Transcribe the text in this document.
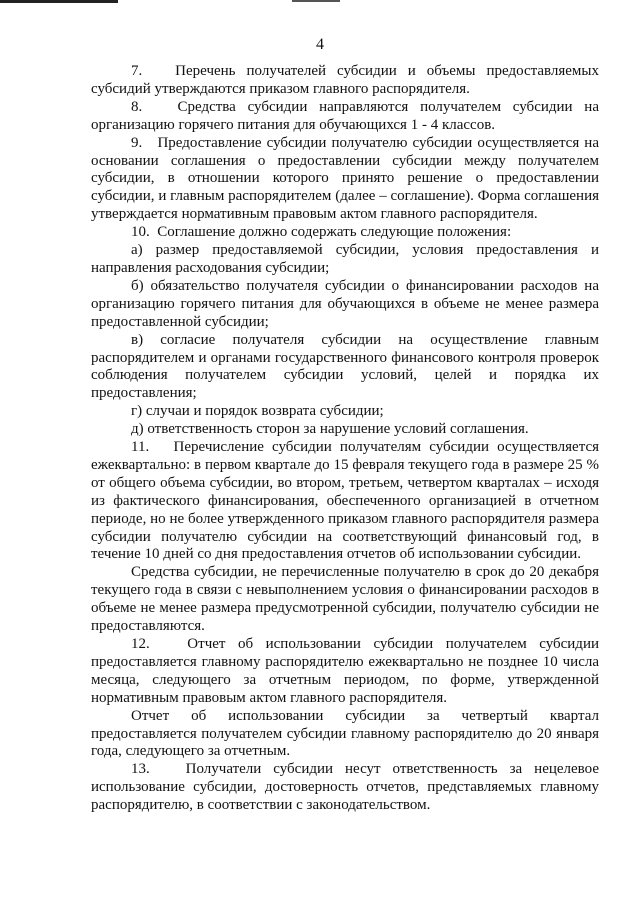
4

7.   Перечень получателей субсидии и объемы предоставляемых субсидий утверждаются приказом главного распорядителя.

8.   Средства субсидии направляются получателем субсидии на организацию горячего питания для обучающихся 1 - 4 классов.

9.   Предоставление субсидии получателю субсидии осуществляется на основании соглашения о предоставлении субсидии между получателем субсидии, в отношении которого принято решение о предоставлении субсидии, и главным распорядителем (далее – соглашение). Форма соглашения утверждается нормативным правовым актом главного распорядителя.

10.  Соглашение должно содержать следующие положения:

а) размер предоставляемой субсидии, условия предоставления и направления расходования субсидии;

б) обязательство получателя субсидии о финансировании расходов на организацию горячего питания для обучающихся в объеме не менее размера предоставленной субсидии;

в) согласие получателя субсидии на осуществление главным распорядителем и органами государственного финансового контроля проверок соблюдения получателем субсидии условий, целей и порядка их предоставления;

г) случаи и порядок возврата субсидии;

д) ответственность сторон за нарушение условий соглашения.

11.   Перечисление субсидии получателям субсидии осуществляется ежеквартально: в первом квартале до 15 февраля текущего года в размере 25 % от общего объема субсидии, во втором, третьем, четвертом кварталах – исходя из фактического финансирования, обеспеченного организацией в отчетном периоде, но не более утвержденного приказом главного распорядителя размера субсидии получателю субсидии на соответствующий финансовый год, в течение 10 дней со дня предоставления отчетов об использовании субсидии.

Средства субсидии, не перечисленные получателю в срок до 20 декабря текущего года в связи с невыполнением условия о финансировании расходов в объеме не менее размера предусмотренной субсидии, получателю субсидии не предоставляются.

12.   Отчет об использовании субсидии получателем субсидии предоставляется главному распорядителю ежеквартально не позднее 10 числа месяца, следующего за отчетным периодом, по форме, утвержденной нормативным правовым актом главного распорядителя.

Отчет об использовании субсидии за четвертый квартал предоставляется получателем субсидии главному распорядителю до 20 января года, следующего за отчетным.

13.   Получатели субсидии несут ответственность за нецелевое использование субсидии, достоверность отчетов, представляемых главному распорядителю, в соответствии с законодательством.
